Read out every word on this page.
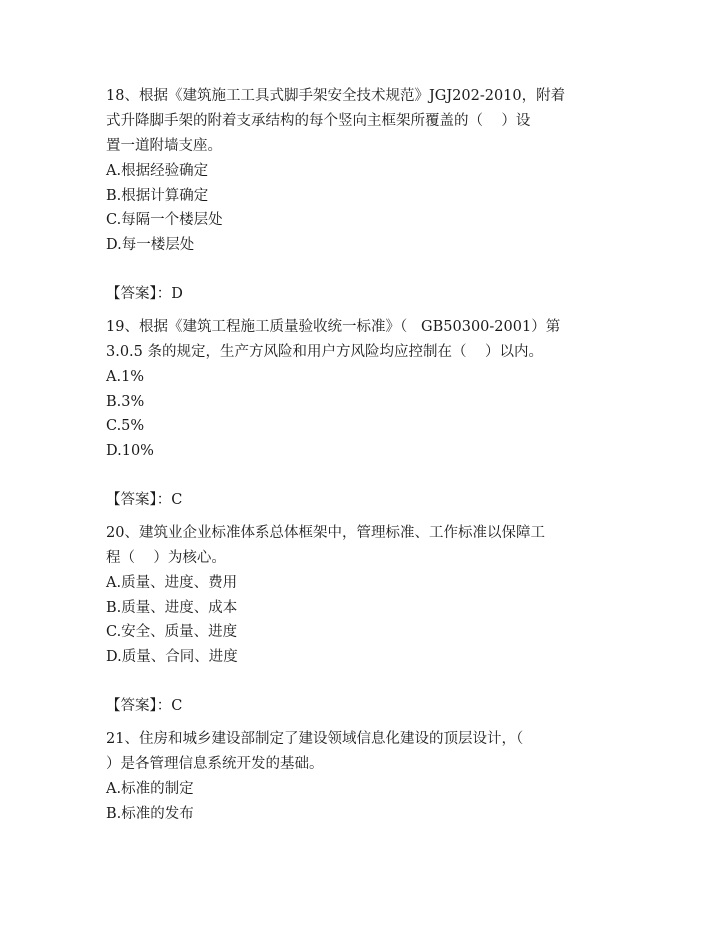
18、根据《建筑施工工具式脚手架安全技术规范》JGJ202-2010，附着
式升降脚手架的附着支承结构的每个竖向主框架所覆盖的（    ）设
置一道附墙支座。
A.根据经验确定
B.根据计算确定
C.每隔一个楼层处
D.每一楼层处
【答案】：D
19、根据《建筑工程施工质量验收统一标准》（   GB50300-2001）第
3.0.5 条的规定，生产方风险和用户方风险均应控制在（    ）以内。
A.1%
B.3%
C.5%
D.10%
【答案】：C
20、建筑业企业标准体系总体框架中，管理标准、工作标准以保障工
程（    ）为核心。
A.质量、进度、费用
B.质量、进度、成本
C.安全、质量、进度
D.质量、合同、进度
【答案】：C
21、住房和城乡建设部制定了建设领域信息化建设的顶层设计，（
）是各管理信息系统开发的基础。
A.标准的制定
B.标准的发布
